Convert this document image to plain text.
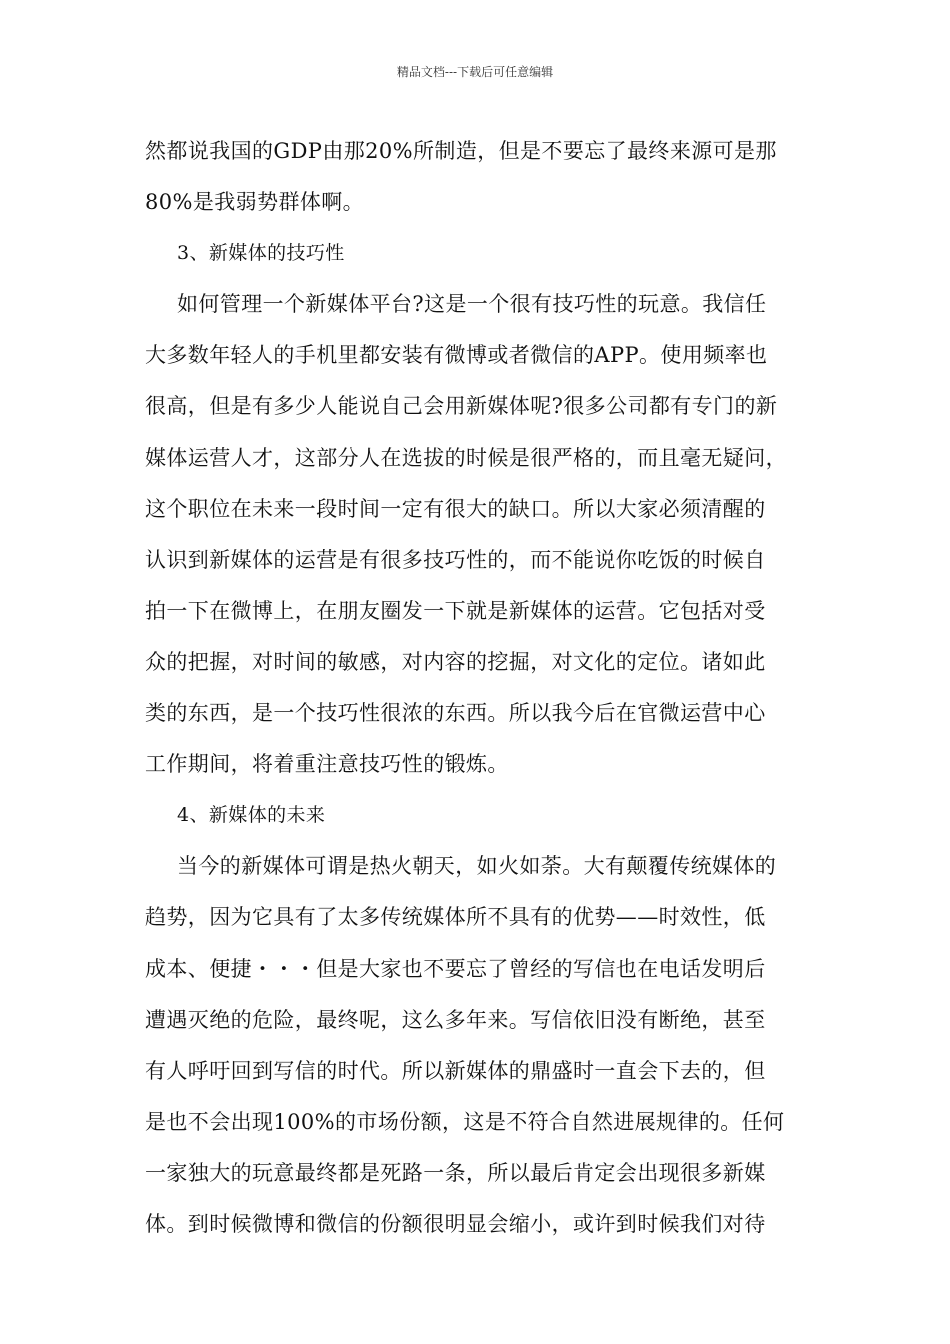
精品文档---下载后可任意编辑
然都说我国的GDP由那20%所制造，但是不要忘了最终来源可是那
80%是我弱势群体啊。
3、新媒体的技巧性
如何管理一个新媒体平台?这是一个很有技巧性的玩意。我信任
大多数年轻人的手机里都安装有微博或者微信的APP。使用频率也
很高，但是有多少人能说自己会用新媒体呢?很多公司都有专门的新
媒体运营人才，这部分人在选拔的时候是很严格的，而且毫无疑问，
这个职位在未来一段时间一定有很大的缺口。所以大家必须清醒的
认识到新媒体的运营是有很多技巧性的，而不能说你吃饭的时候自
拍一下在微博上，在朋友圈发一下就是新媒体的运营。它包括对受
众的把握，对时间的敏感，对内容的挖掘，对文化的定位。诸如此
类的东西，是一个技巧性很浓的东西。所以我今后在官微运营中心
工作期间，将着重注意技巧性的锻炼。
4、新媒体的未来
当今的新媒体可谓是热火朝天，如火如荼。大有颠覆传统媒体的
趋势，因为它具有了太多传统媒体所不具有的优势——时效性，低
成本、便捷・・・但是大家也不要忘了曾经的写信也在电话发明后
遭遇灭绝的危险，最终呢，这么多年来。写信依旧没有断绝，甚至
有人呼吁回到写信的时代。所以新媒体的鼎盛时一直会下去的，但
是也不会出现100%的市场份额，这是不符合自然进展规律的。任何
一家独大的玩意最终都是死路一条，所以最后肯定会出现很多新媒
体。到时候微博和微信的份额很明显会缩小，或许到时候我们对待
